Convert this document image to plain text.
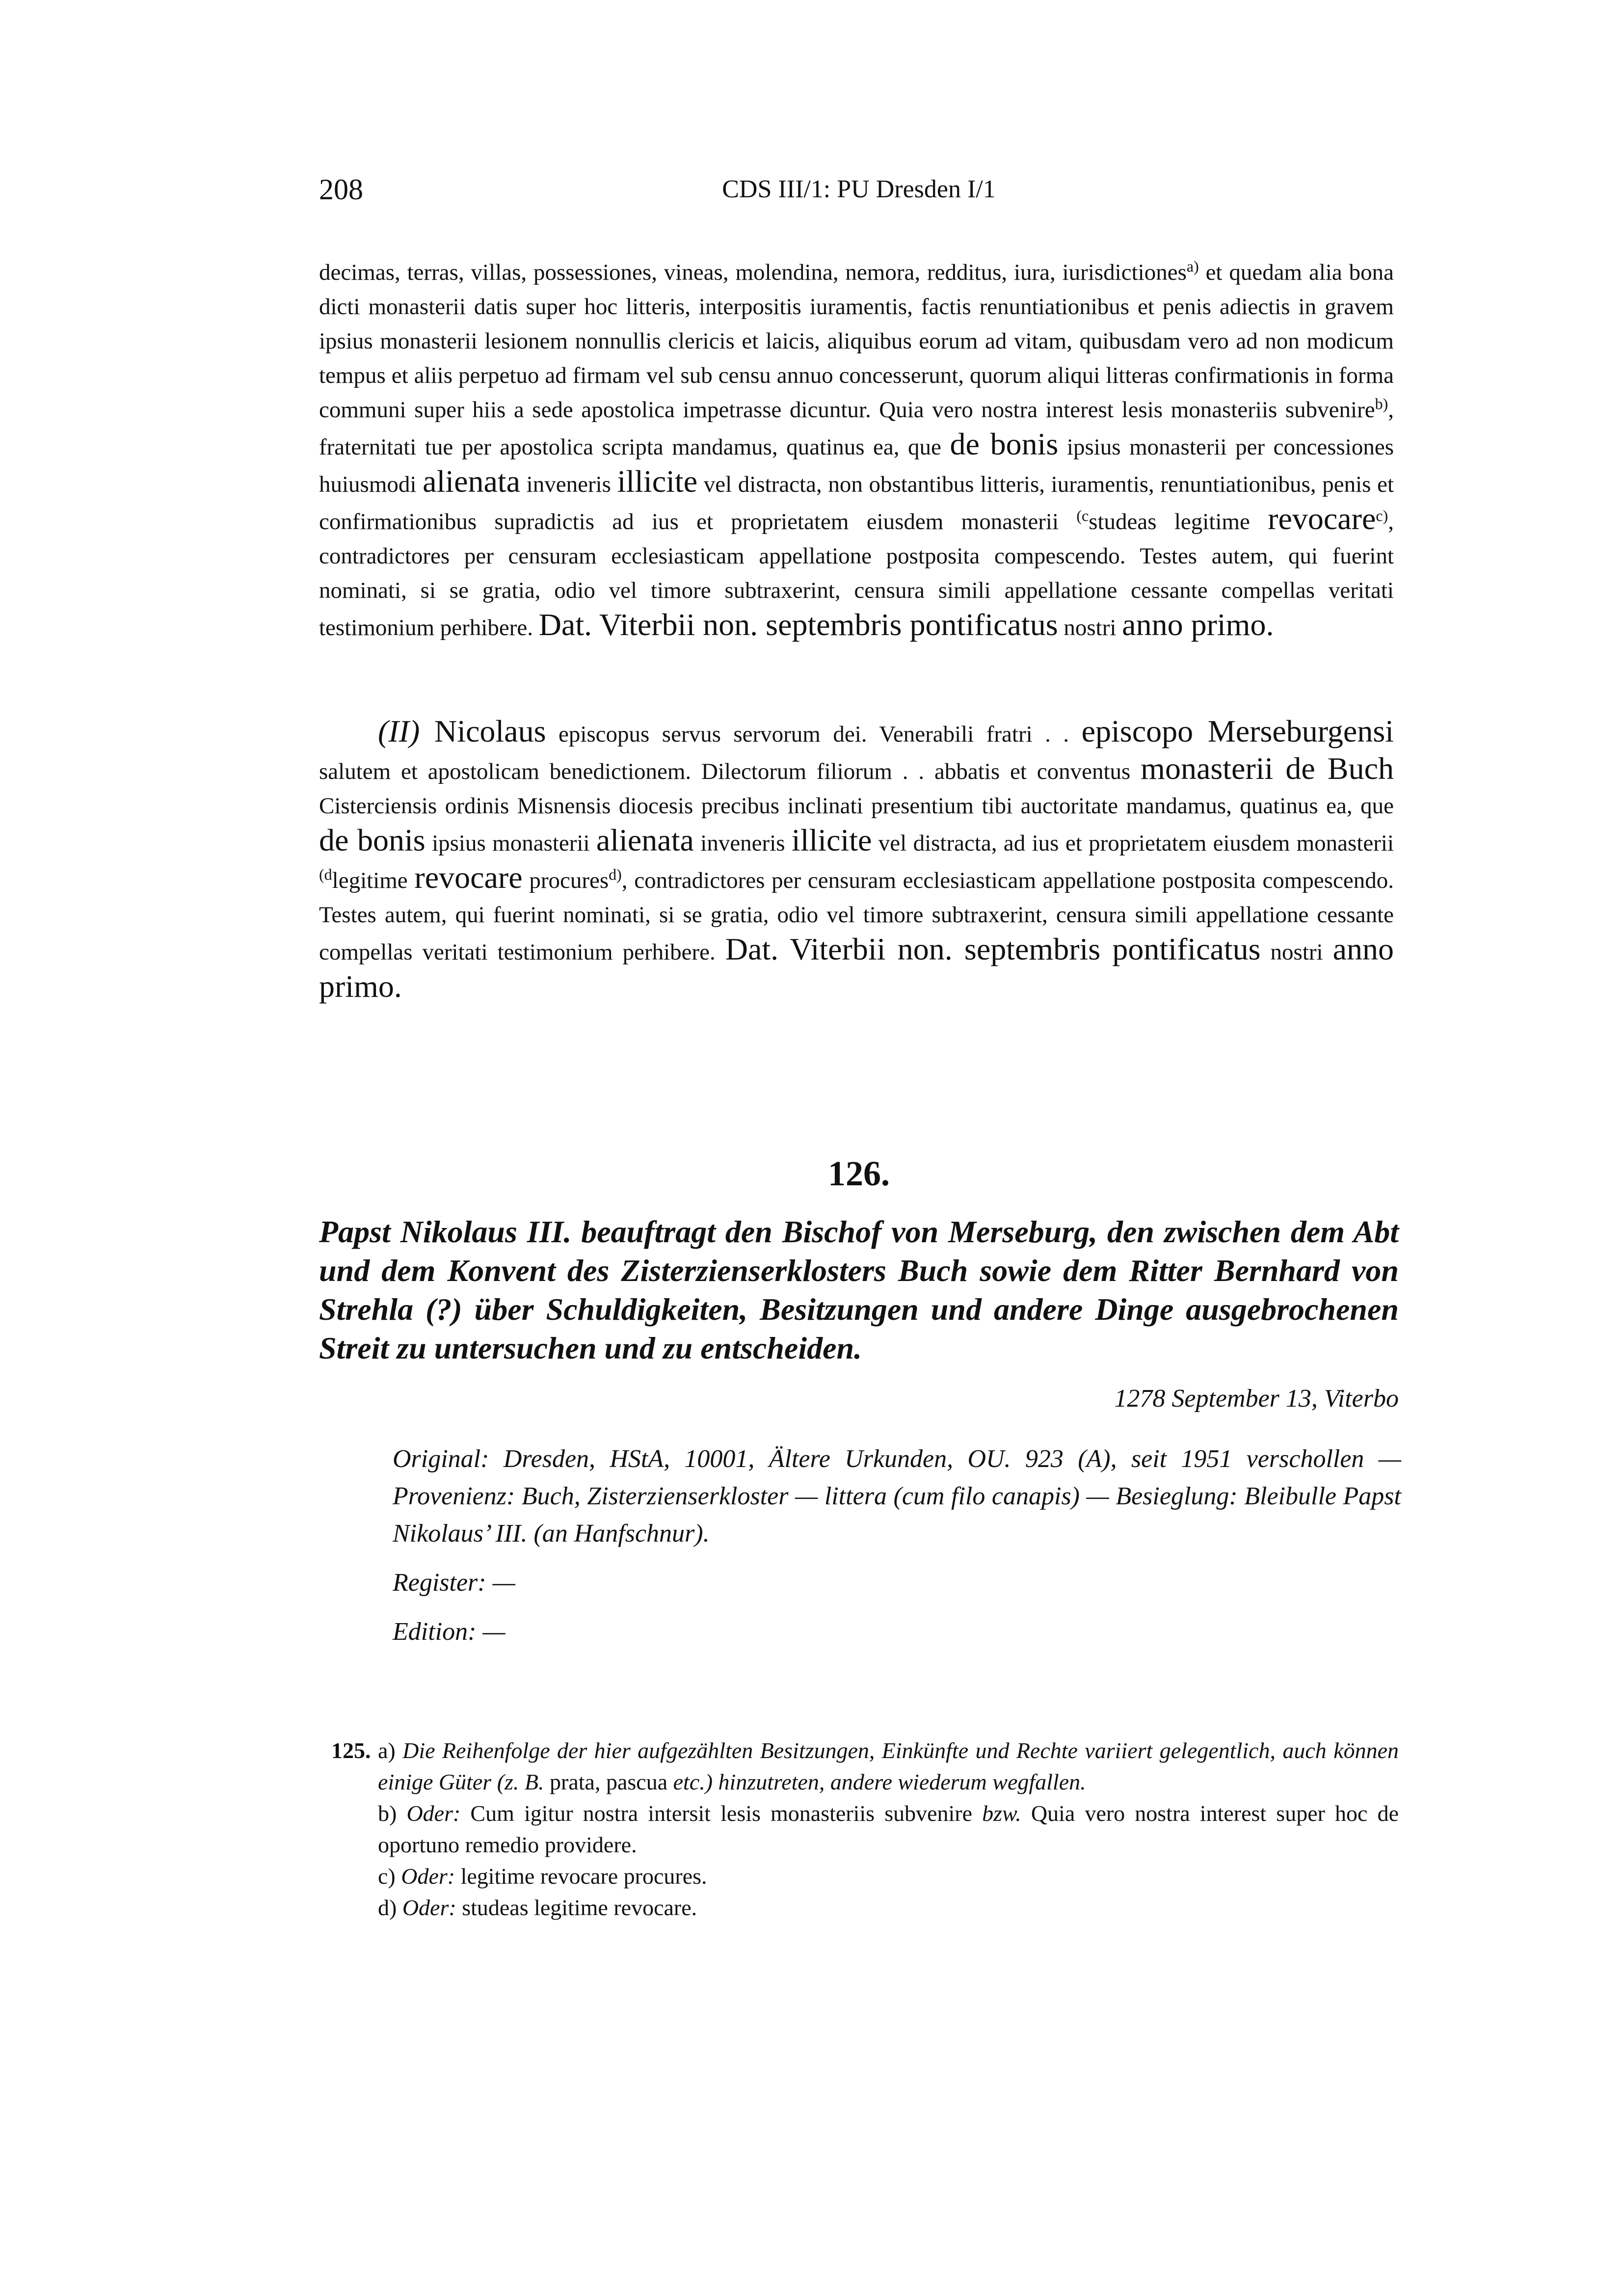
208	CDS III/1: PU Dresden I/1

decimas, terras, villas, possessiones, vineas, molendina, nemora, redditus, iura, iurisdictiones$^{a)}$ et quedam alia bona dicti monasterii datis super hoc litteris, interpositis iuramentis, factis renuntiationibus et penis adiectis in gravem ipsius monasterii lesionem nonnullis clericis et laicis, aliquibus eorum ad vitam, quibusdam vero ad non modicum tempus et aliis perpetuo ad firmam vel sub censu annuo concesserunt, quorum aliqui litteras confirmationis in forma communi super hiis a sede apostolica impetrasse dicuntur. Quia vero nostra interest lesis monasteriis subvenire$^{b)}$, fraternitati tue per apostolica scripta mandamus, quatinus ea, que de bonis ipsius monasterii per concessiones huiusmodi alienata inveneris illicite vel distracta, non obstantibus litteris, iuramentis, renuntiationibus, penis et confirmationibus supradictis ad ius et proprietatem eiusdem monasterii $^{(c}$studeas legitime revocare$^{c)}$, contradictores per censuram ecclesiasticam appellatione postposita compescendo. Testes autem, qui fuerint nominati, si se gratia, odio vel timore subtraxerint, censura simili appellatione cessante compellas veritati testimonium perhibere. Dat. Viterbii non. septembris pontificatus nostri anno primo.

(II) Nicolaus episcopus servus servorum dei. Venerabili fratri . . episcopo Merseburgensi salutem et apostolicam benedictionem. Dilectorum filiorum . . abbatis et conventus monasterii de Buch Cisterciensis ordinis Misnensis diocesis precibus inclinati presentium tibi auctoritate mandamus, quatinus ea, que de bonis ipsius monasterii alienata inveneris illicite vel distracta, ad ius et proprietatem eiusdem monasterii $^{(d}$legitime revocare procures$^{d)}$, contradictores per censuram ecclesiasticam appellatione postposita compescendo. Testes autem, qui fuerint nominati, si se gratia, odio vel timore subtraxerint, censura simili appellatione cessante compellas veritati testimonium perhibere. Dat. Viterbii non. septembris pontificatus nostri anno primo.

126.
Papst Nikolaus III. beauftragt den Bischof von Merseburg, den zwischen dem Abt und dem Konvent des Zisterzienserklosters Buch sowie dem Ritter Bernhard von Strehla (?) über Schuldigkeiten, Besitzungen und andere Dinge ausgebrochenen Streit zu untersuchen und zu entscheiden.
1278 September 13, Viterbo

Original: Dresden, HStA, 10001, Ältere Urkunden, OU. 923 (A), seit 1951 verschollen — Provenienz: Buch, Zisterzienserkloster — littera (cum filo canapis) — Besieglung: Bleibulle Papst Nikolaus’ III. (an Hanfschnur).

Register: —

Edition: —

125. a) Die Reihenfolge der hier aufgezählten Besitzungen, Einkünfte und Rechte variiert gelegentlich, auch können einige Güter (z. B. prata, pascua etc.) hinzutreten, andere wiederum wegfallen.

b) Oder: Cum igitur nostra intersit lesis monasteriis subvenire bzw. Quia vero nostra interest super hoc de oportuno remedio providere.

c) Oder: legitime revocare procures.

d) Oder: studeas legitime revocare.
